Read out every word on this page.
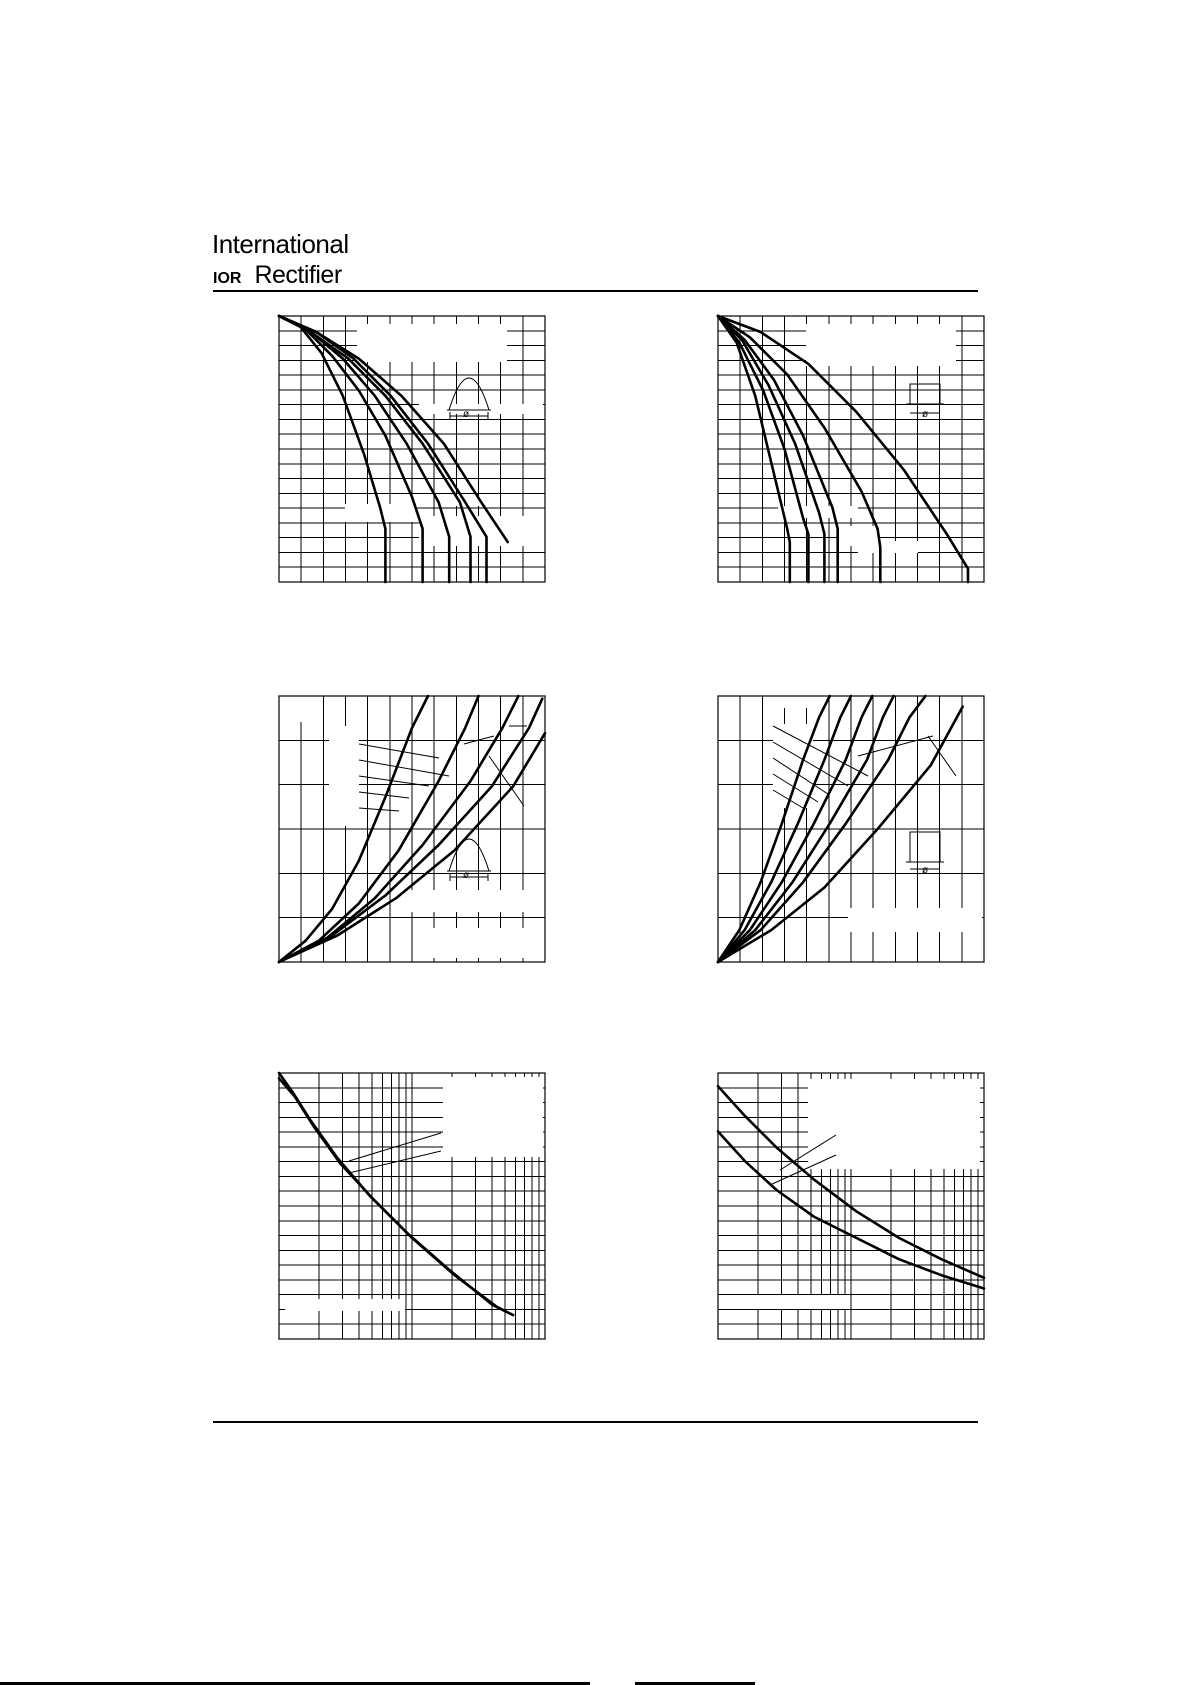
International
IOR Rectifier
ø	ø
ø	ø
